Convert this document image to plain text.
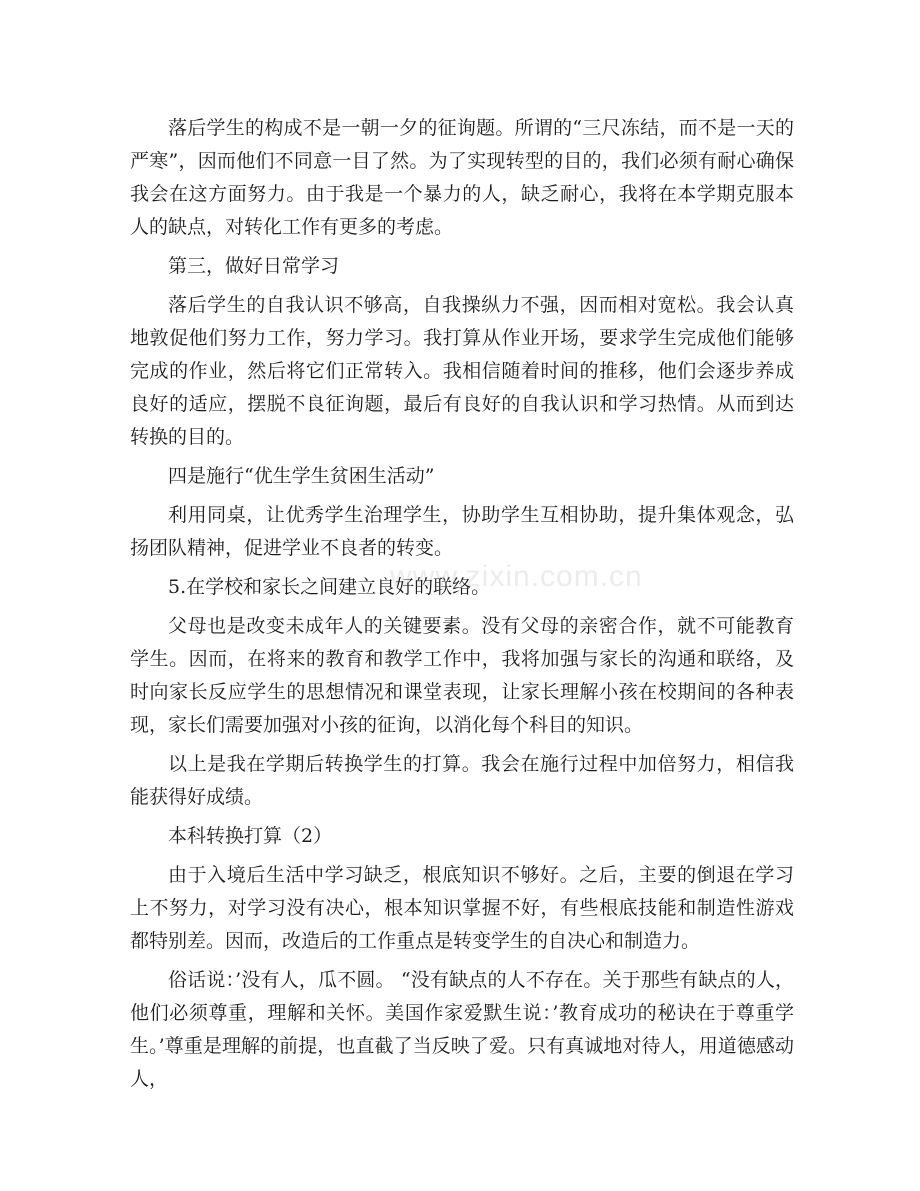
www.zixin.com.cn

落后学生的构成不是一朝一夕的征询题。所谓的“三尺冻结，而不是一天的严寒”，因而他们不同意一目了然。为了实现转型的目的，我们必须有耐心确保我会在这方面努力。由于我是一个暴力的人，缺乏耐心，我将在本学期克服本人的缺点，对转化工作有更多的考虑。

第三，做好日常学习

落后学生的自我认识不够高，自我操纵力不强，因而相对宽松。我会认真地敦促他们努力工作，努力学习。我打算从作业开场，要求学生完成他们能够完成的作业，然后将它们正常转入。我相信随着时间的推移，他们会逐步养成良好的适应，摆脱不良征询题，最后有良好的自我认识和学习热情。从而到达转换的目的。

四是施行“优生学生贫困生活动”

利用同桌，让优秀学生治理学生，协助学生互相协助，提升集体观念，弘扬团队精神，促进学业不良者的转变。

5.在学校和家长之间建立良好的联络。

父母也是改变未成年人的关键要素。没有父母的亲密合作，就不可能教育学生。因而，在将来的教育和教学工作中，我将加强与家长的沟通和联络，及时向家长反应学生的思想情况和课堂表现，让家长理解小孩在校期间的各种表现，家长们需要加强对小孩的征询，以消化每个科目的知识。

以上是我在学期后转换学生的打算。我会在施行过程中加倍努力，相信我能获得好成绩。

本科转换打算（2）

由于入境后生活中学习缺乏，根底知识不够好。之后，主要的倒退在学习上不努力，对学习没有决心，根本知识掌握不好，有些根底技能和制造性游戏都特别差。因而，改造后的工作重点是转变学生的自决心和制造力。

俗话说：’没有人，瓜不圆。 “没有缺点的人不存在。关于那些有缺点的人，他们必须尊重，理解和关怀。美国作家爱默生说：’教育成功的秘诀在于尊重学生。’尊重是理解的前提，也直截了当反映了爱。只有真诚地对待人，用道德感动人，
